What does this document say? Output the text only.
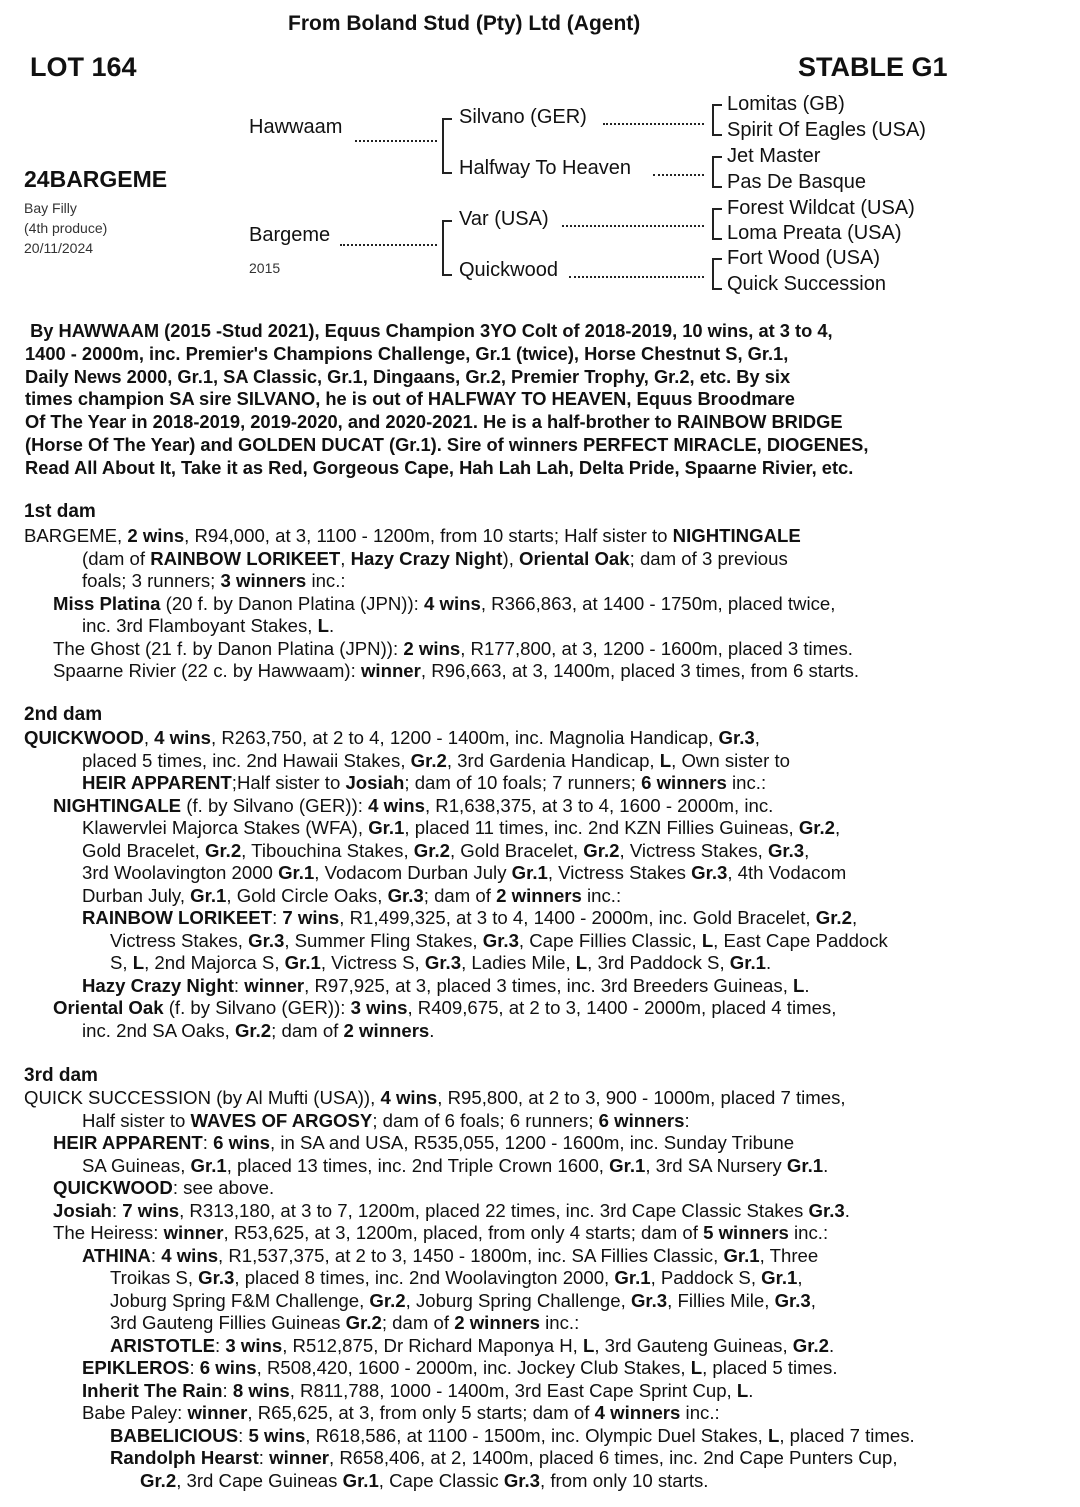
From Boland Stud (Pty) Ltd (Agent)
LOT 164	STABLE G1
24BARGEME
Bay Filly
(4th produce)
20/11/2024
Hawwaam
Bargeme
2015
Silvano (GER)
Halfway To Heaven
Var (USA)
Quickwood
Lomitas (GB)
Spirit Of Eagles (USA)
Jet Master
Pas De Basque
Forest Wildcat (USA)
Loma Preata (USA)
Fort Wood (USA)
Quick Succession
By HAWWAAM (2015 -Stud 2021), Equus Champion 3YO Colt of 2018-2019, 10 wins, at 3 to 4,
1400 - 2000m, inc. Premier's Champions Challenge, Gr.1 (twice), Horse Chestnut S, Gr.1,
Daily News 2000, Gr.1, SA Classic, Gr.1, Dingaans, Gr.2, Premier Trophy, Gr.2, etc. By six
times champion SA sire SILVANO, he is out of HALFWAY TO HEAVEN, Equus Broodmare
Of The Year in 2018-2019, 2019-2020, and 2020-2021. He is a half-brother to RAINBOW BRIDGE
(Horse Of The Year) and GOLDEN DUCAT (Gr.1). Sire of winners PERFECT MIRACLE, DIOGENES,
Read All About It, Take it as Red, Gorgeous Cape, Hah Lah Lah, Delta Pride, Spaarne Rivier, etc.
1st dam
BARGEME, 2 wins, R94,000, at 3, 1100 - 1200m, from 10 starts; Half sister to NIGHTINGALE
(dam of RAINBOW LORIKEET, Hazy Crazy Night), Oriental Oak; dam of 3 previous
foals; 3 runners; 3 winners inc.:
Miss Platina (20 f. by Danon Platina (JPN)): 4 wins, R366,863, at 1400 - 1750m, placed twice,
inc. 3rd Flamboyant Stakes, L.
The Ghost (21 f. by Danon Platina (JPN)): 2 wins, R177,800, at 3, 1200 - 1600m, placed 3 times.
Spaarne Rivier (22 c. by Hawwaam): winner, R96,663, at 3, 1400m, placed 3 times, from 6 starts.
2nd dam
QUICKWOOD, 4 wins, R263,750, at 2 to 4, 1200 - 1400m, inc. Magnolia Handicap, Gr.3,
placed 5 times, inc. 2nd Hawaii Stakes, Gr.2, 3rd Gardenia Handicap, L, Own sister to
HEIR APPARENT;Half sister to Josiah; dam of 10 foals; 7 runners; 6 winners inc.:
NIGHTINGALE (f. by Silvano (GER)): 4 wins, R1,638,375, at 3 to 4, 1600 - 2000m, inc.
Klawervlei Majorca Stakes (WFA), Gr.1, placed 11 times, inc. 2nd KZN Fillies Guineas, Gr.2,
Gold Bracelet, Gr.2, Tibouchina Stakes, Gr.2, Gold Bracelet, Gr.2, Victress Stakes, Gr.3,
3rd Woolavington 2000 Gr.1, Vodacom Durban July Gr.1, Victress Stakes Gr.3, 4th Vodacom
Durban July, Gr.1, Gold Circle Oaks, Gr.3; dam of 2 winners inc.:
RAINBOW LORIKEET: 7 wins, R1,499,325, at 3 to 4, 1400 - 2000m, inc. Gold Bracelet, Gr.2,
Victress Stakes, Gr.3, Summer Fling Stakes, Gr.3, Cape Fillies Classic, L, East Cape Paddock
S, L, 2nd Majorca S, Gr.1, Victress S, Gr.3, Ladies Mile, L, 3rd Paddock S, Gr.1.
Hazy Crazy Night: winner, R97,925, at 3, placed 3 times, inc. 3rd Breeders Guineas, L.
Oriental Oak (f. by Silvano (GER)): 3 wins, R409,675, at 2 to 3, 1400 - 2000m, placed 4 times,
inc. 2nd SA Oaks, Gr.2; dam of 2 winners.
3rd dam
QUICK SUCCESSION (by Al Mufti (USA)), 4 wins, R95,800, at 2 to 3, 900 - 1000m, placed 7 times,
Half sister to WAVES OF ARGOSY; dam of 6 foals; 6 runners; 6 winners:
HEIR APPARENT: 6 wins, in SA and USA, R535,055, 1200 - 1600m, inc. Sunday Tribune
SA Guineas, Gr.1, placed 13 times, inc. 2nd Triple Crown 1600, Gr.1, 3rd SA Nursery Gr.1.
QUICKWOOD: see above.
Josiah: 7 wins, R313,180, at 3 to 7, 1200m, placed 22 times, inc. 3rd Cape Classic Stakes Gr.3.
The Heiress: winner, R53,625, at 3, 1200m, placed, from only 4 starts; dam of 5 winners inc.:
ATHINA: 4 wins, R1,537,375, at 2 to 3, 1450 - 1800m, inc. SA Fillies Classic, Gr.1, Three
Troikas S, Gr.3, placed 8 times, inc. 2nd Woolavington 2000, Gr.1, Paddock S, Gr.1,
Joburg Spring F&M Challenge, Gr.2, Joburg Spring Challenge, Gr.3, Fillies Mile, Gr.3,
3rd Gauteng Fillies Guineas Gr.2; dam of 2 winners inc.:
ARISTOTLE: 3 wins, R512,875, Dr Richard Maponya H, L, 3rd Gauteng Guineas, Gr.2.
EPIKLEROS: 6 wins, R508,420, 1600 - 2000m, inc. Jockey Club Stakes, L, placed 5 times.
Inherit The Rain: 8 wins, R811,788, 1000 - 1400m, 3rd East Cape Sprint Cup, L.
Babe Paley: winner, R65,625, at 3, from only 5 starts; dam of 4 winners inc.:
BABELICIOUS: 5 wins, R618,586, at 1100 - 1500m, inc. Olympic Duel Stakes, L, placed 7 times.
Randolph Hearst: winner, R658,406, at 2, 1400m, placed 6 times, inc. 2nd Cape Punters Cup,
Gr.2, 3rd Cape Guineas Gr.1, Cape Classic Gr.3, from only 10 starts.
